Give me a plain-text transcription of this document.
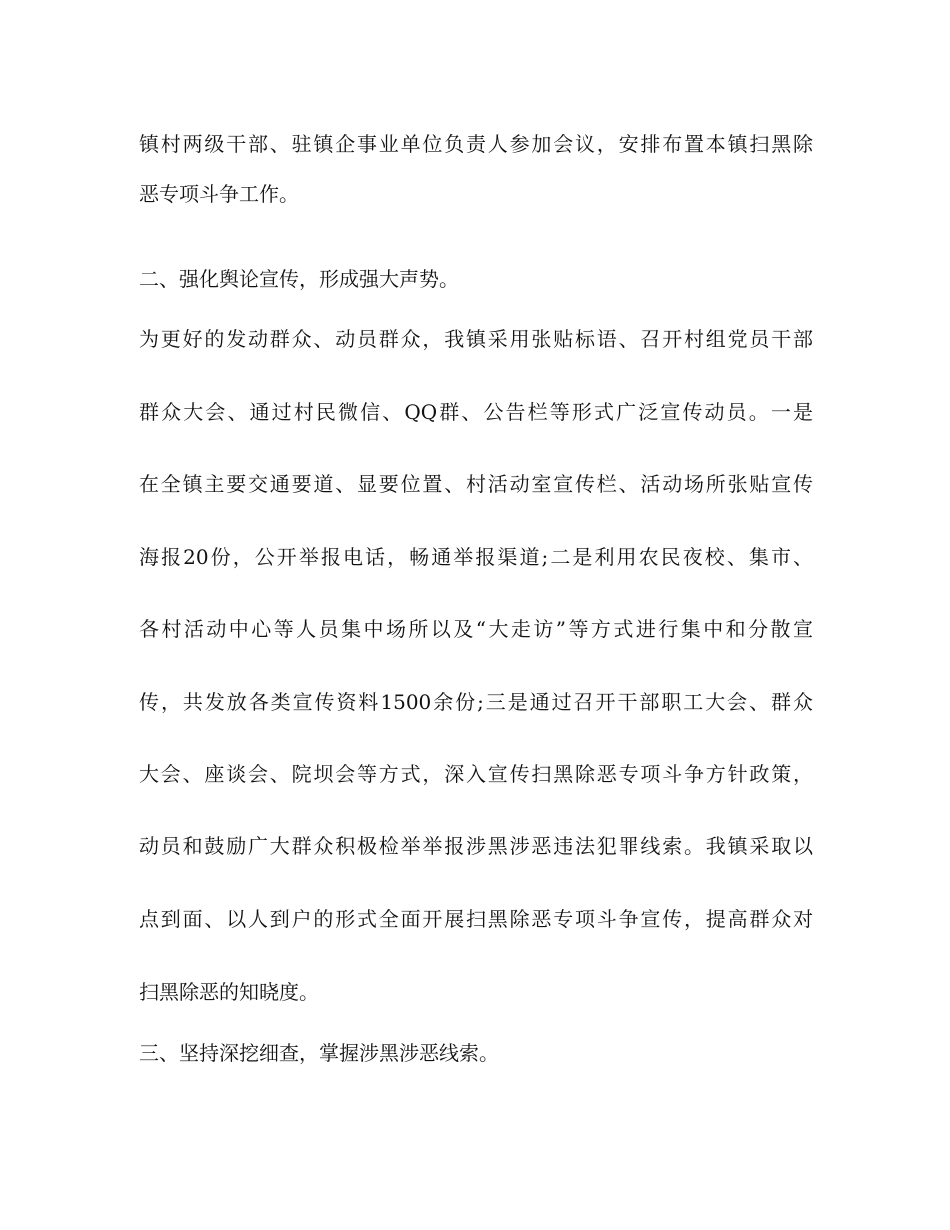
镇村两级干部、驻镇企事业单位负责人参加会议，安排布置本镇扫黑除

恶专项斗争工作。

二、强化舆论宣传，形成强大声势。

为更好的发动群众、动员群众，我镇采用张贴标语、召开村组党员干部

群众大会、通过村民微信、QQ群、公告栏等形式广泛宣传动员。一是

在全镇主要交通要道、显要位置、村活动室宣传栏、活动场所张贴宣传

海报20份，公开举报电话，畅通举报渠道;二是利用农民夜校、集市、

各村活动中心等人员集中场所以及“大走访”等方式进行集中和分散宣

传，共发放各类宣传资料1500余份;三是通过召开干部职工大会、群众

大会、座谈会、院坝会等方式，深入宣传扫黑除恶专项斗争方针政策，

动员和鼓励广大群众积极检举举报涉黑涉恶违法犯罪线索。我镇采取以

点到面、以人到户的形式全面开展扫黑除恶专项斗争宣传，提高群众对

扫黑除恶的知晓度。

三、坚持深挖细查，掌握涉黑涉恶线索。
